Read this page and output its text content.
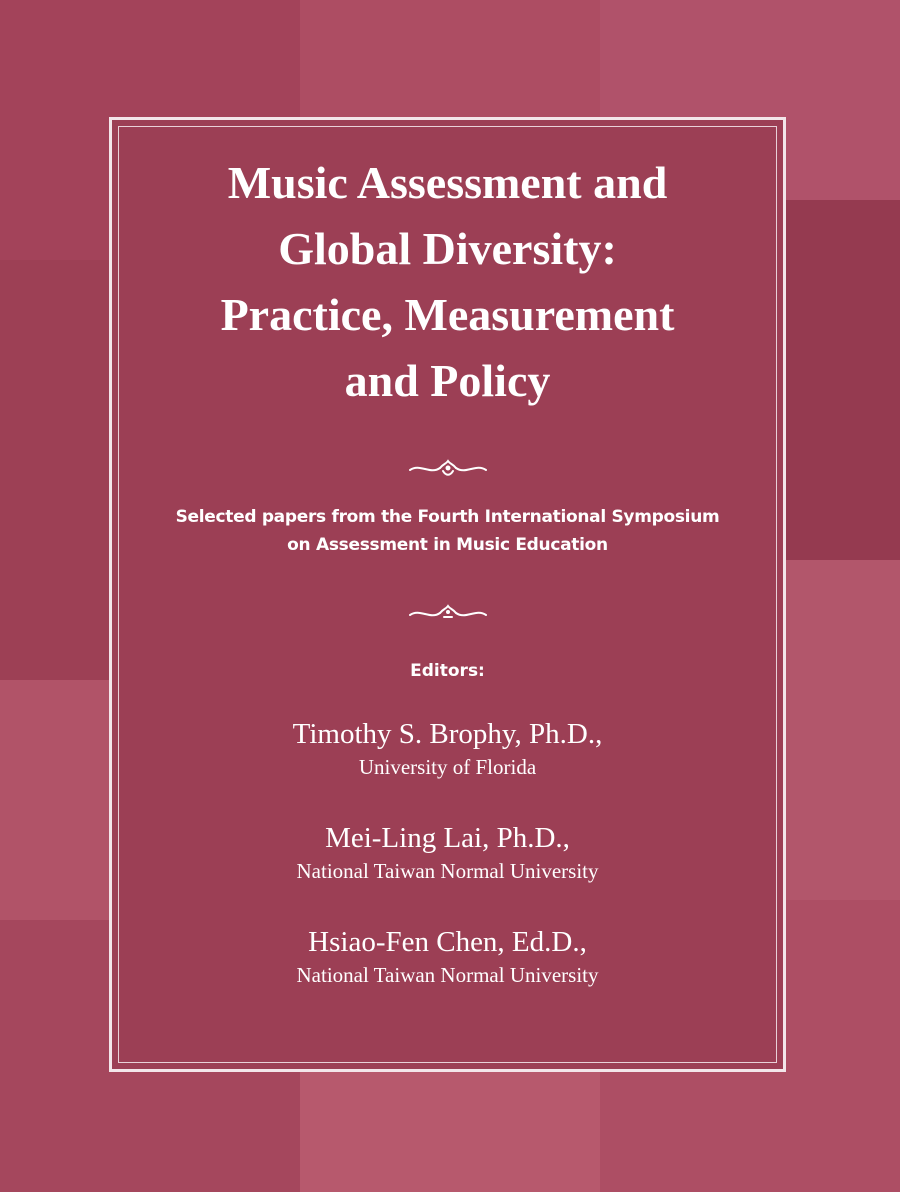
Music Assessment and
Global Diversity:
Practice, Measurement
and Policy
Selected papers from the Fourth International Symposium
on Assessment in Music Education
Editors:
Timothy S. Brophy, Ph.D.,
University of Florida
Mei-Ling Lai, Ph.D.,
National Taiwan Normal University
Hsiao-Fen Chen, Ed.D.,
National Taiwan Normal University
